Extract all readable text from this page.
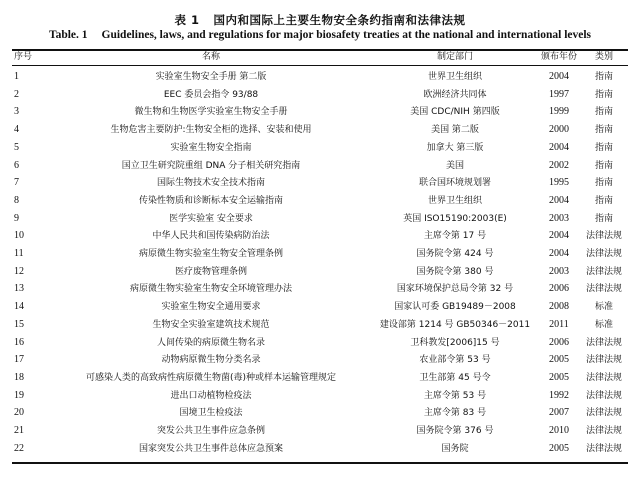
表 1 国内和国际上主要生物安全条约指南和法律法规
Table. 1 Guidelines, laws, and regulations for major biosafety treaties at the national and international levels
序号	名称	制定部门	颁布年份	类别
1	实验室生物安全手册 第二版	世界卫生组织	2004	指南
2	EEC 委员会指令 93/88	欧洲经济共同体	1997	指南
3	微生物和生物医学实验室生物安全手册	美国 CDC/NIH 第四版	1999	指南
4	生物危害主要防护:生物安全柜的选择、安装和使用	美国 第二版	2000	指南
5	实验室生物安全指南	加拿大 第三版	2004	指南
6	国立卫生研究院重组 DNA 分子相关研究指南	美国	2002	指南
7	国际生物技术安全技术指南	联合国环境规划署	1995	指南
8	传染性物质和诊断标本安全运输指南	世界卫生组织	2004	指南
9	医学实验室 安全要求	英国 ISO15190:2003(E)	2003	指南
10	中华人民共和国传染病防治法	主席令第 17 号	2004	法律法规
11	病原微生物实验室生物安全管理条例	国务院令第 424 号	2004	法律法规
12	医疗废物管理条例	国务院令第 380 号	2003	法律法规
13	病原微生物实验室生物安全环境管理办法	国家环境保护总局令第 32 号	2006	法律法规
14	实验室生物安全通用要求	国家认可委 GB19489－2008	2008	标准
15	生物安全实验室建筑技术规范	建设部第 1214 号 GB50346－2011	2011	标准
16	人间传染的病原微生物名录	卫科教发[2006]15 号	2006	法律法规
17	动物病原微生物分类名录	农业部令第 53 号	2005	法律法规
18	可感染人类的高致病性病原微生物菌(毒)种或样本运输管理规定	卫生部第 45 号令	2005	法律法规
19	进出口动植物检疫法	主席令第 53 号	1992	法律法规
20	国境卫生检疫法	主席令第 83 号	2007	法律法规
21	突发公共卫生事件应急条例	国务院令第 376 号	2010	法律法规
22	国家突发公共卫生事件总体应急预案	国务院	2005	法律法规
